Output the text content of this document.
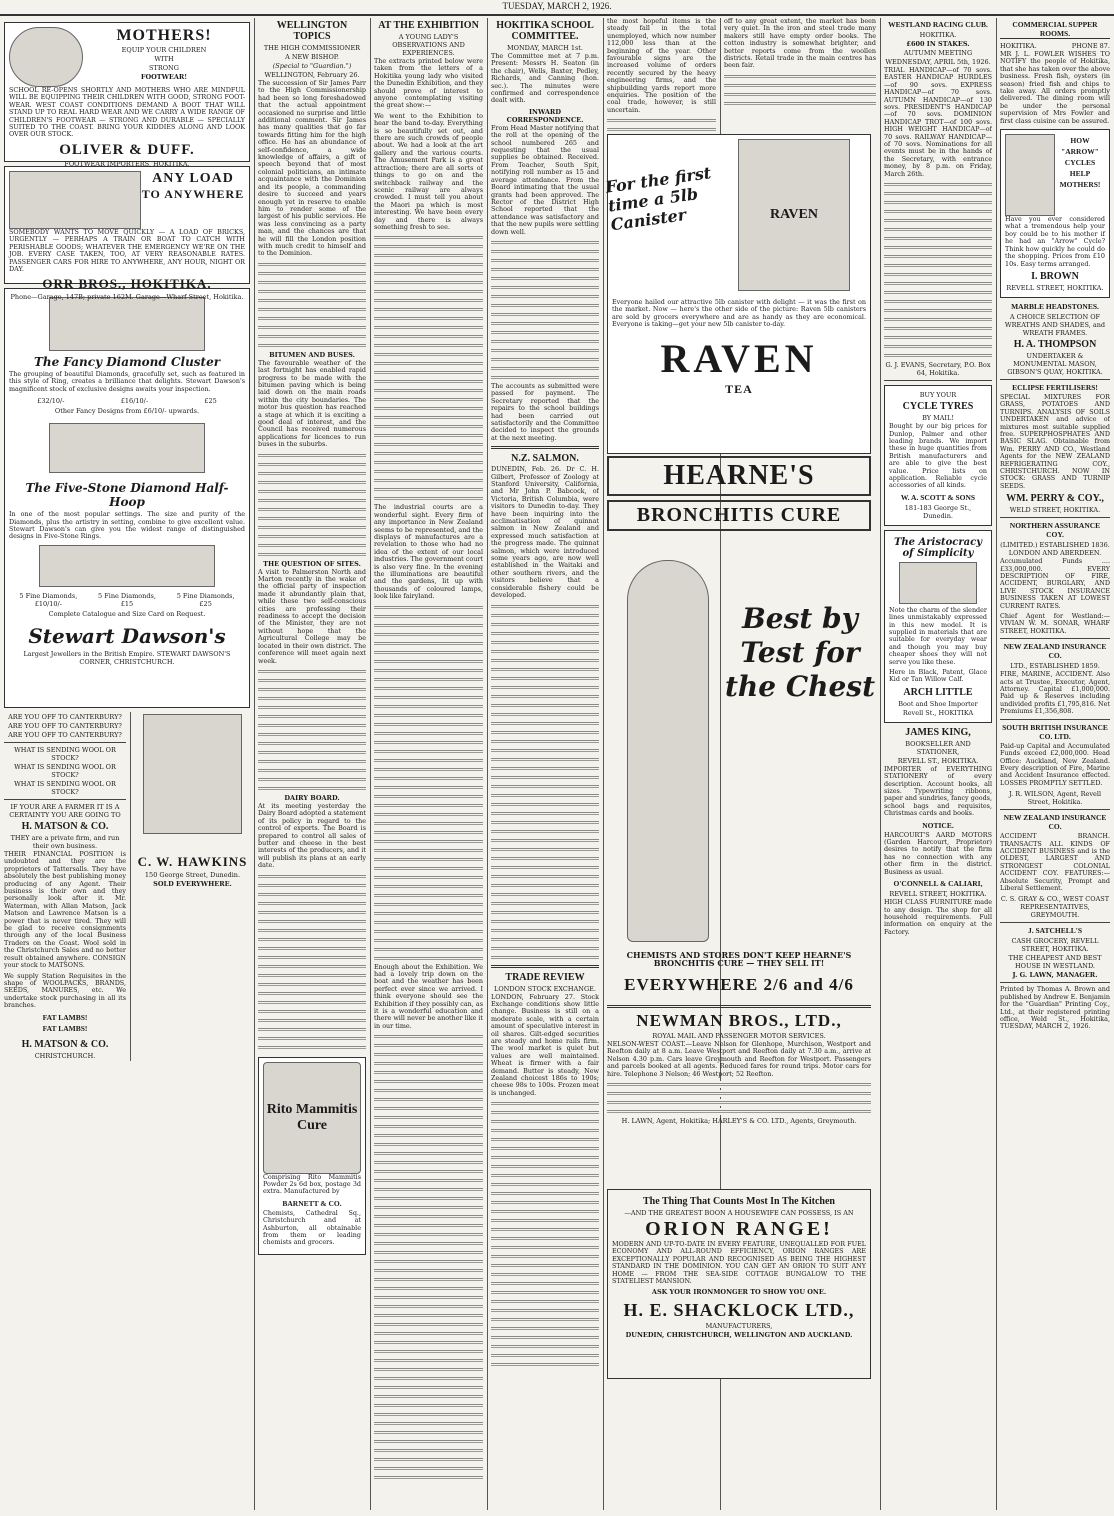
TUESDAY, MARCH 2, 1926.
MOTHERS!
EQUIP YOUR CHILDREN
WITH
STRONG
FOOTWEAR!

SCHOOL RE-OPENS SHORTLY AND MOTHERS WHO ARE MINDFUL WILL BE EQUIPPING THEIR CHILDREN WITH GOOD, STRONG FOOT-WEAR. WEST COAST CONDITIONS DEMAND A BOOT THAT WILL STAND UP TO REAL HARD WEAR AND WE CARRY A WIDE RANGE OF CHILDREN'S FOOTWEAR — STRONG AND DURABLE — SPECIALLY SUITED TO THE COAST. BRING YOUR KIDDIES ALONG AND LOOK OVER OUR STOCK.

OLIVER & DUFF.
FOOTWEAR IMPORTERS, HOKITIKA.
ANY LOAD
TO ANYWHERE

SOMEBODY WANTS TO MOVE QUICKLY — A LOAD OF BRICKS, URGENTLY — PERHAPS A TRAIN OR BOAT TO CATCH WITH PERISHABLE GOODS; WHATEVER THE EMERGENCY WE'RE ON THE JOB. EVERY CASE TAKEN, TOO, AT VERY REASONABLE RATES. PASSENGER CARS FOR HIRE TO ANYWHERE, ANY HOUR, NIGHT OR DAY.

ORR BROS., HOKITIKA.
Phone—Garage, 147B; private 162M. Garage—Wharf Street, Hokitika.
The Fancy Diamond Cluster

The grouping of beautiful Diamonds, gracefully set, such as featured in this style of Ring, creates a brilliance that delights. Stewart Dawson's magnificent stock of exclusive designs awaits your inspection.

£32/10/-	£16/10/-	£25
Other Fancy Designs from £6/10/- upwards.
The Five-Stone Diamond Half-Hoop

In one of the most popular settings. The size and purity of the Diamonds, plus the artistry in setting, combine to give excellent value. Stewart Dawson's can give you the widest range of distinguished designs in Five-Stone Rings.

5 Fine Diamonds, £10/10/-
5 Fine Diamonds, £15
5 Fine Diamonds, £25
Complete Catalogue and Size Card on Request.
Stewart Dawson's
Largest Jewellers in the British Empire. STEWART DAWSON'S CORNER, CHRISTCHURCH.
ARE YOU OFF TO CANTERBURY?
ARE YOU OFF TO CANTERBURY?
ARE YOU OFF TO CANTERBURY?
WHAT IS SENDING WOOL OR STOCK?
WHAT IS SENDING WOOL OR STOCK?
WHAT IS SENDING WOOL OR STOCK?
IF YOUR ARE A FARMER IT IS A CERTAINTY YOU ARE GOING TO
H. MATSON & CO.
THEY are a private firm, and run their own business.

THEIR FINANCIAL POSITION is undoubted and they are the proprietors of Tattersalls. They have absolutely the best publishing money producing of any Agent. Their business is their own and they personally look after it. Mr. Waterman, with Allan Matson, Jack Matson and Lawrence Matson is a power that is never tired. They will be glad to receive consignments through any of the local Business Traders on the Coast. Wool sold in the Christchurch Sales and no better result obtained anywhere. CONSIGN your stock to MATSONS.

We supply Station Requisites in the shape of WOOLPACKS, BRANDS, SEEDS, MANURES, etc. We undertake stock purchasing in all its branches.

FAT LAMBS!
FAT LAMBS!
H. MATSON & CO.
CHRISTCHURCH.

C. W. HAWKINS
150 George Street, Dunedin.
SOLD EVERYWHERE.
WELLINGTON TOPICS
THE HIGH COMMISSIONER
A NEW BISHOP.
(Special to "Guardian.")
WELLINGTON, February 26.

The succession of Sir James Parr to the High Commissionership had been so long foreshadowed that the actual appointment occasioned no surprise and little additional comment. Sir James has many qualities that go far towards fitting him for the high office. He has an abundance of self-confidence, a wide knowledge of affairs, a gift of speech beyond that of most colonial politicians, an intimate acquaintance with the Dominion and its people, a commanding desire to succeed and years enough yet in reserve to enable him to render some of the largest of his public services. He was less convincing as a party man, and the chances are that he will fill the London position with much credit to himself and to the Dominion.

BITUMEN AND BUSES.

The favourable weather of the last fortnight has enabled rapid progress to be made with the bitumen paving which is being laid down on the main roads within the city boundaries. The motor bus question has reached a stage at which it is exciting a good deal of interest, and the Council has received numerous applications for licences to run buses in the suburbs.

THE QUESTION OF SITES.

A visit to Palmerston North and Marton recently in the wake of the official party of inspection made it abundantly plain that, while these two self-conscious cities are professing their readiness to accept the decision of the Minister, they are not without hope that the Agricultural College may be located in their own district. The conference will meet again next week.

DAIRY BOARD.

At its meeting yesterday the Dairy Board adopted a statement of its policy in regard to the control of exports. The Board is prepared to control all sales of butter and cheese in the best interests of the producers, and it will publish its plans at an early date.

Rito Mammitis Cure

Comprising Rito Mammitis Powder 2s 6d box, postage 3d extra. Manufactured by

BARNETT & CO.

Chemists, Cathedral Sq., Christchurch and at Ashburton, all obtainable from them or leading chemists and grocers.

AT THE EXHIBITION
A YOUNG LADY'S OBSERVATIONS AND EXPERIENCES.

The extracts printed below were taken from the letters of a Hokitika young lady who visited the Dunedin Exhibition, and they should prove of interest to anyone contemplating visiting the great show:—

We went to the Exhibition to hear the band to-day. Everything is so beautifully set out, and there are such crowds of people about. We had a look at the art gallery and the various courts. The Amusement Park is a great attraction; there are all sorts of things to go on and the switchback railway and the scenic railway are always crowded. I must tell you about the Maori pa which is most interesting. We have been every day and there is always something fresh to see.

The industrial courts are a wonderful sight. Every firm of any importance in New Zealand seems to be represented, and the displays of manufactures are a revelation to those who had no idea of the extent of our local industries. The government court is also very fine. In the evening the illuminations are beautiful and the gardens, lit up with thousands of coloured lamps, look like fairyland.

Enough about the Exhibition. We had a lovely trip down on the boat and the weather has been perfect ever since we arrived. I think everyone should see the Exhibition if they possibly can, as it is a wonderful education and there will never be another like it in our time.

HOKITIKA SCHOOL COMMITTEE.
MONDAY, MARCH 1st.

The Committee met at 7 p.m. Present: Messrs H. Seaton (in the chair), Wells, Baxter, Pedley, Richards, and Canning (hon. sec.). The minutes were confirmed and correspondence dealt with.

INWARD CORRESPONDENCE.

From Head Master notifying that the roll at the opening of the school numbered 265 and requesting that the usual supplies be obtained. Received. From Teacher, South Spit, notifying roll number as 15 and average attendance. From the Board intimating that the usual grants had been approved. The Rector of the District High School reported that the attendance was satisfactory and that the new pupils were settling down well.

The accounts as submitted were passed for payment. The Secretary reported that the repairs to the school buildings had been carried out satisfactorily and the Committee decided to inspect the grounds at the next meeting.

N.Z. SALMON.

DUNEDIN, Feb. 26. Dr C. H. Gilbert, Professor of Zoology at Stanford University, California, and Mr John P. Babcock, of Victoria, British Columbia, were visitors to Dunedin to-day. They have been inquiring into the acclimatisation of quinnat salmon in New Zealand and expressed much satisfaction at the progress made. The quinnat salmon, which were introduced some years ago, are now well established in the Waitaki and other southern rivers, and the visitors believe that a considerable fishery could be developed.

TRADE REVIEW
LONDON STOCK EXCHANGE.

LONDON, February 27. Stock Exchange conditions show little change. Business is still on a moderate scale, with a certain amount of speculative interest in oil shares. Gilt-edged securities are steady and home rails firm. The wool market is quiet but values are well maintained. Wheat is firmer with a fair demand. Butter is steady, New Zealand choicest 186s to 190s; cheese 98s to 100s. Frozen meat is unchanged.

the most hopeful items is the steady fall in the total unemployed, which now number 112,000 less than at the beginning of the year. Other favourable signs are the increased volume of orders recently secured by the heavy engineering firms, and the shipbuilding yards report more enquiries. The position of the coal trade, however, is still uncertain.

off to any great extent, the market has been very quiet. In the iron and steel trade many makers still have empty order books. The cotton industry is somewhat brighter, and better reports come from the woollen districts. Retail trade in the main centres has been fair.

For the first time a 5lb Canister	RAVEN

Everyone hailed our attractive 5lb canister with delight — it was the first on the market. Now — here's the other side of the picture: Raven 5lb canisters are sold by grocers everywhere and are as handy as they are economical. Everyone is taking—get your new 5lb canister to-day.

RAVEN
TEA
HEARNE'S
BRONCHITIS CURE
Best by Test for the Chest
CHEMISTS AND STORES DON'T KEEP HEARNE'S BRONCHITIS CURE — THEY SELL IT!
EVERYWHERE 2/6 and 4/6
NEWMAN BROS., LTD.,
ROYAL MAIL AND PASSENGER MOTOR SERVICES.

NELSON-WEST COAST.—Leave Nelson for Glenhope, Murchison, Westport and Reefton daily at 8 a.m. Leave Westport and Reefton daily at 7.30 a.m., arrive at Nelson 4.30 p.m. Cars leave Greymouth and Reefton for Westport. Passengers and parcels booked at all agents. Reduced fares for round trips. Motor cars for hire. Telephone 3 Nelson; 46 Westport; 52 Reefton.

H. LAWN, Agent, Hokitika; HARLEY'S & CO. LTD., Agents, Greymouth.
The Thing That Counts Most In The Kitchen
—AND THE GREATEST BOON A HOUSEWIFE CAN POSSESS, IS AN
ORION RANGE!

MODERN AND UP-TO-DATE IN EVERY FEATURE, UNEQUALLED FOR FUEL ECONOMY AND ALL-ROUND EFFICIENCY, ORION RANGES ARE EXCEPTIONALLY POPULAR AND RECOGNISED AS BEING THE HIGHEST STANDARD IN THE DOMINION. YOU CAN GET AN ORION TO SUIT ANY HOME — FROM THE SEA-SIDE COTTAGE BUNGALOW TO THE STATELIEST MANSION.

ASK YOUR IRONMONGER TO SHOW YOU ONE.
H. E. SHACKLOCK LTD.,
MANUFACTURERS,
DUNEDIN, CHRISTCHURCH, WELLINGTON AND AUCKLAND.
WESTLAND RACING CLUB.
HOKITIKA.
£600 IN STAKES.
AUTUMN MEETING
WEDNESDAY, APRIL 5th, 1926.

TRIAL HANDICAP—of 70 sovs. EASTER HANDICAP HURDLES—of 90 sovs. EXPRESS HANDICAP—of 70 sovs. AUTUMN HANDICAP—of 130 sovs. PRESIDENT'S HANDICAP—of 70 sovs. DOMINION HANDICAP TROT—of 100 sovs. HIGH WEIGHT HANDICAP—of 70 sovs. RAILWAY HANDICAP—of 70 sovs. Nominations for all events must be in the hands of the Secretary, with entrance money, by 8 p.m. on Friday, March 26th.

G. J. EVANS, Secretary, P.O. Box 64, Hokitika.
BUY YOUR
CYCLE TYRES
BY MAIL!

Bought by our big prices for Dunlop, Palmer and other leading brands. We import these in huge quantities from British manufacturers and are able to give the best value. Price lists on application. Reliable cycle accessories of all kinds.

W. A. SCOTT & SONS
181-183 George St., Dunedin.
The Aristocracy of Simplicity

Note the charm of the slender lines unmistakably expressed in this new model. It is supplied in materials that are suitable for everyday wear and though you may buy cheaper shoes they will not serve you like these.

Here in Black, Patent, Glace Kid or Tan Willow Calf.

ARCH LITTLE
Boot and Shoe Importer
Revell St., HOKITIKA
JAMES KING,
BOOKSELLER AND STATIONER,
REVELL ST., HOKITIKA.

IMPORTER of EVERYTHING STATIONERY of every description. Account books, all sizes. Typewriting ribbons, paper and sundries, fancy goods, school bags and requisites, Christmas cards and books.

NOTICE.

HARCOURT'S AARD MOTORS (Garden Harcourt, Proprietor) desires to notify that the firm has no connection with any other firm in the district. Business as usual.

O'CONNELL & CALIARI,
REVELL STREET, HOKITIKA.

HIGH CLASS FURNITURE made to any design. The shop for all household requirements. Full information on enquiry at the Factory.

COMMERCIAL SUPPER ROOMS.
HOKITIKA.	PHONE 87.

MR J. L. FOWLER WISHES TO NOTIFY the people of Hokitika, that she has taken over the above business. Fresh fish, oysters (in season) fried fish and chips to take away. All orders promptly delivered. The dining room will be under the personal supervision of Mrs Fowler and first class cuisine can be assured.

HOW
"ARROW"
CYCLES
HELP
MOTHERS!

Have you ever considered what a tremendous help your boy could be to his mother if he had an "Arrow" Cycle? Think how quickly he could do the shopping. Prices from £10 10s. Easy terms arranged.

I. BROWN
REVELL STREET, HOKITIKA.
MARBLE HEADSTONES.
A CHOICE SELECTION OF WREATHS AND SHADES, and WREATH FRAMES.
H. A. THOMPSON
UNDERTAKER & MONUMENTAL MASON, GIBSON'S QUAY, HOKITIKA.
ECLIPSE FERTILISERS!

SPECIAL MIXTURES FOR GRASS, POTATOES AND TURNIPS. ANALYSIS OF SOILS UNDERTAKEN and advice of mixtures most suitable supplied free. SUPERPHOSPHATES AND BASIC SLAG. Obtainable from Wm. PERRY AND CO., Westland Agents for the NEW ZEALAND REFRIGERATING COY., CHRISTCHURCH. NOW IN STOCK: GRASS AND TURNIP SEEDS.

WM. PERRY & COY.,
WELD STREET, HOKITIKA.
NORTHERN ASSURANCE COY.
(LIMITED.) ESTABLISHED 1836. LONDON AND ABERDEEN.

Accumulated Funds .... £33,000,000. EVERY DESCRIPTION OF FIRE, ACCIDENT, BURGLARY, AND LIVE STOCK INSURANCE BUSINESS TAKEN AT LOWEST CURRENT RATES.

Chief Agent for Westland:— VIVIAN W. M. SONAR, WHARF STREET, HOKITIKA.

NEW ZEALAND INSURANCE CO.
LTD., ESTABLISHED 1859.

FIRE, MARINE, ACCIDENT. Also acts at Trustee, Executor, Agent, Attorney. Capital £1,000,000. Paid up & Reserves including undivided profits £1,795,816. Net Premiums £1,356,808.

SOUTH BRITISH INSURANCE CO. LTD.

Paid-up Capital and Accumulated Funds exceed £2,000,000. Head Office: Auckland, New Zealand. Every description of Fire, Marine and Accident Insurance effected. LOSSES PROMPTLY SETTLED.

J. R. WILSON, Agent, Revell Street, Hokitika.
NEW ZEALAND INSURANCE CO.

ACCIDENT BRANCH. TRANSACTS ALL KINDS OF ACCIDENT BUSINESS and is the OLDEST, LARGEST AND STRONGEST COLONIAL ACCIDENT COY. FEATURES:—Absolute Security, Prompt and Liberal Settlement.

C. S. GRAY & CO., WEST COAST REPRESENTATIVES, GREYMOUTH.
J. SATCHELL'S
CASH GROCERY, REVELL STREET, HOKITIKA.
THE CHEAPEST AND BEST HOUSE IN WESTLAND.
J. G. LAWN, MANAGER.

Printed by Thomas A. Brown and published by Andrew E. Benjamin for the "Guardian" Printing Coy., Ltd., at their registered printing office, Weld St., Hokitika, TUESDAY, MARCH 2, 1926.
